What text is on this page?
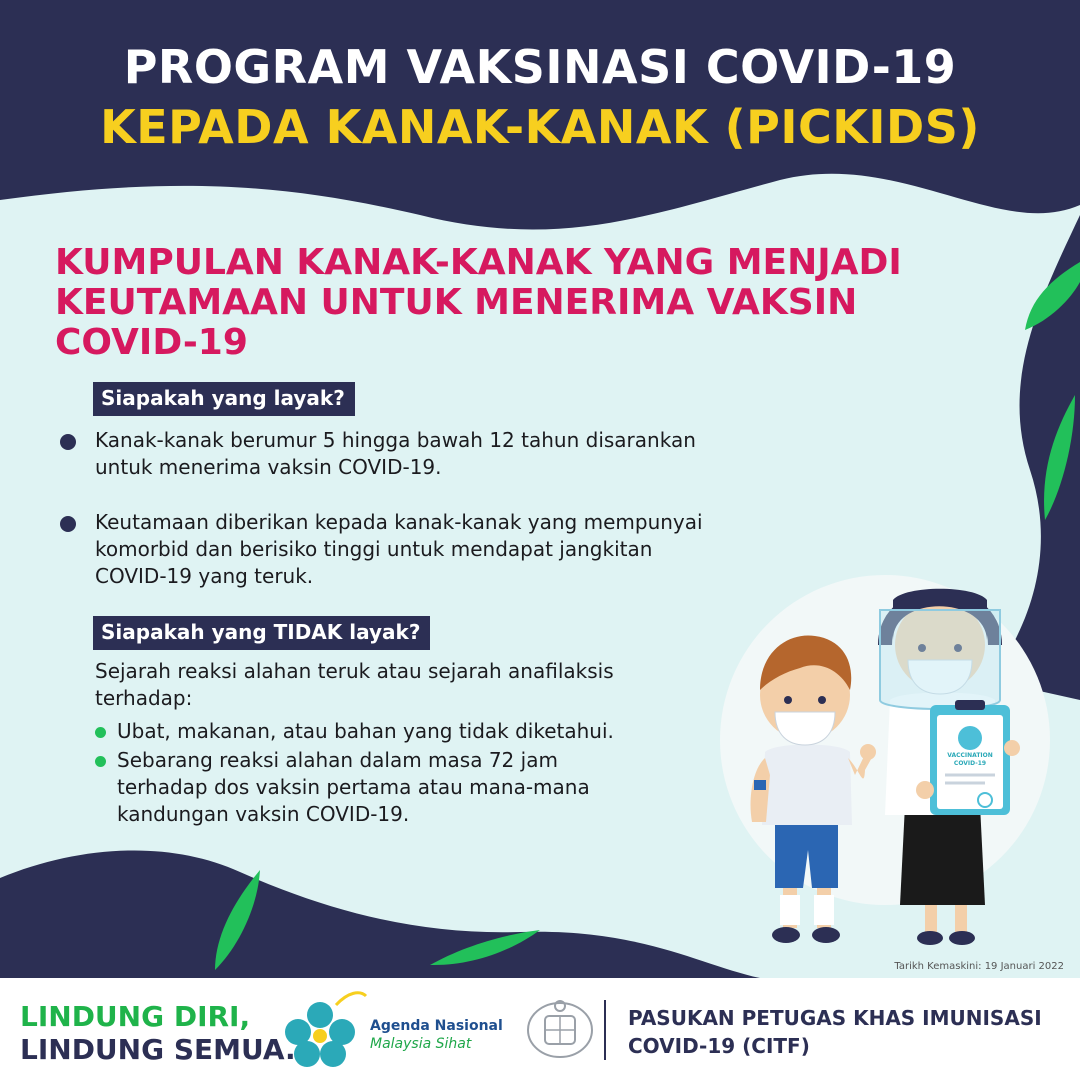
VACCINATION
COVID-19
PROGRAM VAKSINASI COVID-19
KEPADA KANAK-KANAK (PICKIDS)
KUMPULAN KANAK-KANAK YANG MENJADI
KEUTAMAAN UNTUK MENERIMA VAKSIN
COVID-19
Siapakah yang layak?

Kanak-kanak berumur 5 hingga bawah 12 tahun disarankan
untuk menerima vaksin COVID-19.

Keutamaan diberikan kepada kanak-kanak yang mempunyai
komorbid dan berisiko tinggi untuk mendapat jangkitan
COVID-19 yang teruk.

Siapakah yang TIDAK layak?

Sejarah reaksi alahan teruk atau sejarah anafilaksis
terhadap:

Ubat, makanan, atau bahan yang tidak diketahui.

Sebarang reaksi alahan dalam masa 72 jam
terhadap dos vaksin pertama atau mana-mana
kandungan vaksin COVID-19.

Tarikh Kemaskini: 19 Januari 2022

LINDUNG DIRI,
LINDUNG SEMUA.

Agenda Nasional
Malaysia Sihat

PASUKAN PETUGAS KHAS IMUNISASI
COVID-19 (CITF)
